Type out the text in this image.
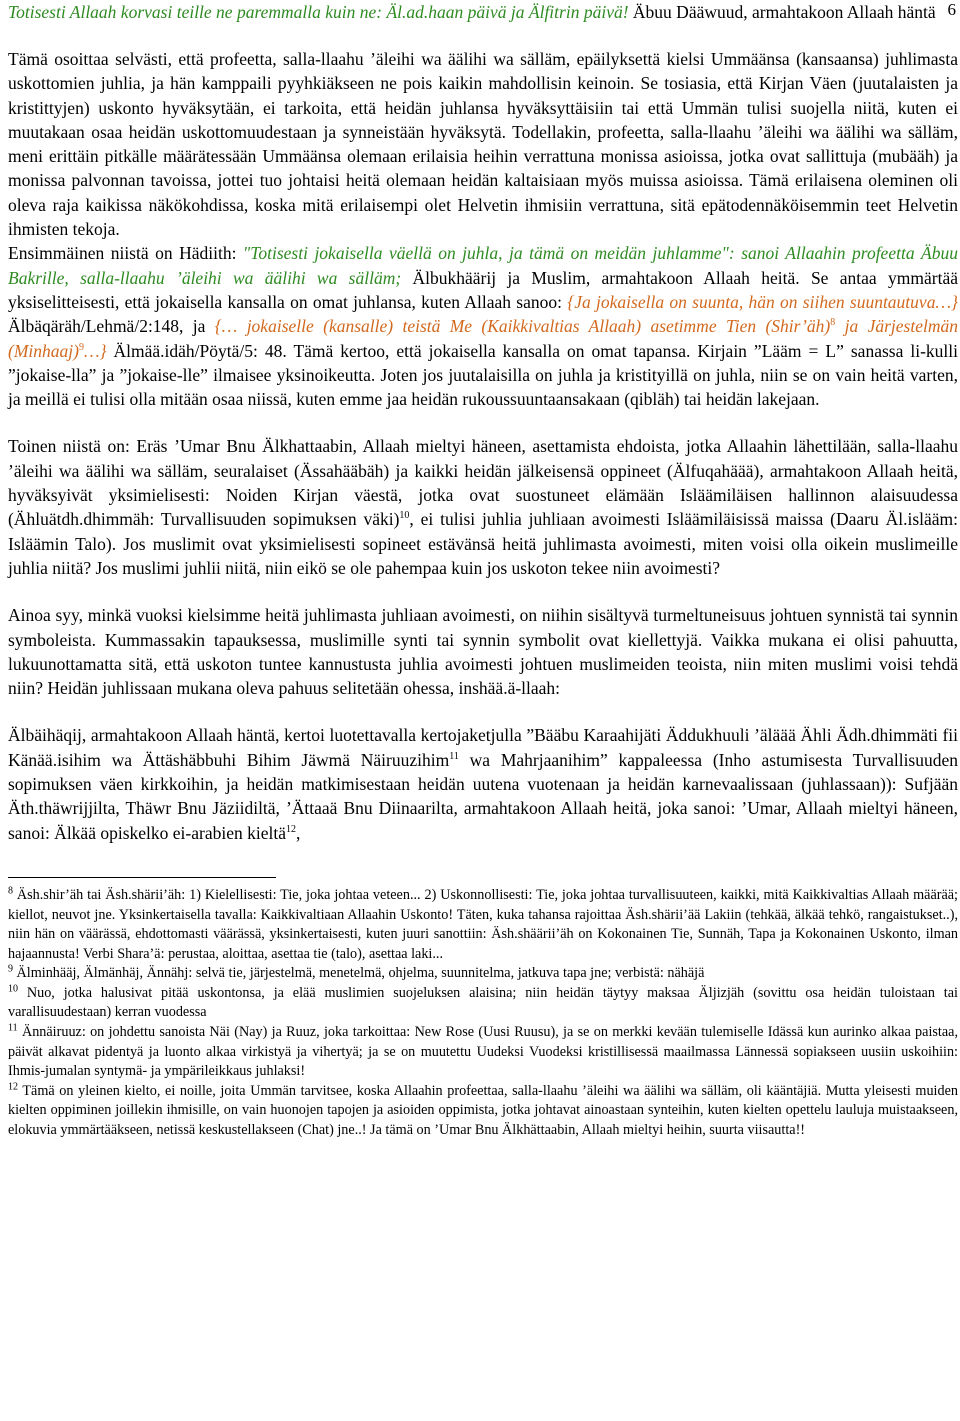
6

Totisesti Allaah korvasi teille ne paremmalla kuin ne: Äl.ad.haan päivä ja Älfitrin päivä! Äbuu Dääwuud, armahtakoon Allaah häntä

Tämä osoittaa selvästi, että profeetta, salla-llaahu ’äleihi wa äälihi wa sälläm, epäilyksettä kielsi Ummäänsa (kansaansa) juhlimasta uskottomien juhlia, ja hän kamppaili pyyhkiäkseen ne pois kaikin mahdollisin keinoin. Se tosiasia, että Kirjan Väen (juutalaisten ja kristittyjen) uskonto hyväksytään, ei tarkoita, että heidän juhlansa hyväksyttäisiin tai että Ummän tulisi suojella niitä, kuten ei muutakaan osaa heidän uskottomuudestaan ja synneistään hyväksytä. Todellakin, profeetta, salla-llaahu ’äleihi wa äälihi wa sälläm, meni erittäin pitkälle määrätessään Ummäänsa olemaan erilaisia heihin verrattuna monissa asioissa, jotka ovat sallittuja (mubääh) ja monissa palvonnan tavoissa, jottei tuo johtaisi heitä olemaan heidän kaltaisiaan myös muissa asioissa. Tämä erilaisena oleminen oli oleva raja kaikissa näkökohdissa, koska mitä erilaisempi olet Helvetin ihmisiin verrattuna, sitä epätodennäköisemmin teet Helvetin ihmisten tekoja.

Ensimmäinen niistä on Hädiith: "Totisesti jokaisella väellä on juhla, ja tämä on meidän juhlamme": sanoi Allaahin profeetta Äbuu Bakrille, salla-llaahu ’äleihi wa äälihi wa sälläm; Älbukhäärij ja Muslim, armahtakoon Allaah heitä. Se antaa ymmärtää yksiselitteisesti, että jokaisella kansalla on omat juhlansa, kuten Allaah sanoo: {Ja jokaisella on suunta, hän on siihen suuntautuva…} Älbäqäräh/Lehmä/2:148, ja {… jokaiselle (kansalle) teistä Me (Kaikkivaltias Allaah) asetimme Tien (Shir’äh)$^8$ ja Järjestelmän (Minhaaj)$^9$…} Älmää.idäh/Pöytä/5: 48. Tämä kertoo, että jokaisella kansalla on omat tapansa. Kirjain ”Lääm = L” sanassa li-kulli ”jokaise-lla” ja ”jokaise-lle” ilmaisee yksinoikeutta. Joten jos juutalaisilla on juhla ja kristityillä on juhla, niin se on vain heitä varten, ja meillä ei tulisi olla mitään osaa niissä, kuten emme jaa heidän rukoussuuntaansakaan (qibläh) tai heidän lakejaan.

Toinen niistä on: Eräs ’Umar Bnu Älkhattaabin, Allaah mieltyi häneen, asettamista ehdoista, jotka Allaahin lähettilään, salla-llaahu ’äleihi wa äälihi wa sälläm, seuralaiset (Ässahääbäh) ja kaikki heidän jälkeisensä oppineet (Älfuqahäää), armahtakoon Allaah heitä, hyväksyivät yksimielisesti: Noiden Kirjan väestä, jotka ovat suostuneet elämään Isläämiläisen hallinnon alaisuudessa (Ähluätdh.dhimmäh: Turvallisuuden sopimuksen väki)$^{10}$, ei tulisi juhlia juhliaan avoimesti Isläämiläisissä maissa (Daaru Äl.islääm: Isläämin Talo). Jos muslimit ovat yksimielisesti sopineet estävänsä heitä juhlimasta avoimesti, miten voisi olla oikein muslimeille juhlia niitä? Jos muslimi juhlii niitä, niin eikö se ole pahempaa kuin jos uskoton tekee niin avoimesti?

Ainoa syy, minkä vuoksi kielsimme heitä juhlimasta juhliaan avoimesti, on niihin sisältyvä turmeltuneisuus johtuen synnistä tai synnin symboleista. Kummassakin tapauksessa, muslimille synti tai synnin symbolit ovat kiellettyjä. Vaikka mukana ei olisi pahuutta, lukuunottamatta sitä, että uskoton tuntee kannustusta juhlia avoimesti johtuen muslimeiden teoista, niin miten muslimi voisi tehdä niin? Heidän juhlissaan mukana oleva pahuus selitetään ohessa, inshää.ä-llaah:

Älbäihäqij, armahtakoon Allaah häntä, kertoi luotettavalla kertojaketjulla ”Bääbu Karaahijäti Äddukhuuli ’äläää Ähli Ädh.dhimmäti fii Känää.isihim wa Ättäshäbbuhi Bihim Jäwmä Näiruuzihim$^{11}$ wa Mahrjaanihim” kappaleessa (Inho astumisesta Turvallisuuden sopimuksen väen kirkkoihin, ja heidän matkimisestaan heidän uutena vuotenaan ja heidän karnevaalissaan (juhlassaan)): Sufjään Äth.thäwrijjilta, Thäwr Bnu Jäziidiltä, ’Ättaaä Bnu Diinaarilta, armahtakoon Allaah heitä, joka sanoi: ’Umar, Allaah mieltyi häneen, sanoi: Älkää opiskelko ei-arabien kieltä$^{12}$,

$^8$ Äsh.shir’äh tai Äsh.shärii’äh: 1) Kielellisesti: Tie, joka johtaa veteen... 2) Uskonnollisesti: Tie, joka johtaa turvallisuuteen, kaikki, mitä Kaikkivaltias Allaah määrää; kiellot, neuvot jne. Yksinkertaisella tavalla: Kaikkivaltiaan Allaahin Uskonto! Täten, kuka tahansa rajoittaa Äsh.shärii’ää Lakiin (tehkää, älkää tehkö, rangaistukset..), niin hän on väärässä, ehdottomasti väärässä, yksinkertaisesti, kuten juuri sanottiin: Äsh.shäärii’äh on Kokonainen Tie, Sunnäh, Tapa ja Kokonainen Uskonto, ilman hajaannusta! Verbi Shara’ä: perustaa, aloittaa, asettaa tie (talo), asettaa laki...

$^9$ Älminhääj, Älmänhäj, Ännähj: selvä tie, järjestelmä, menetelmä, ohjelma, suunnitelma, jatkuva tapa jne; verbistä: nähäjä

$^{10}$ Nuo, jotka halusivat pitää uskontonsa, ja elää muslimien suojeluksen alaisina; niin heidän täytyy maksaa Äljizjäh (sovittu osa heidän tuloistaan tai varallisuudestaan) kerran vuodessa

$^{11}$ Ännäiruuz: on johdettu sanoista Näi (Nay) ja Ruuz, joka tarkoittaa: New Rose (Uusi Ruusu), ja se on merkki kevään tulemiselle Idässä kun aurinko alkaa paistaa, päivät alkavat pidentyä ja luonto alkaa virkistyä ja vihertyä; ja se on muutettu Uudeksi Vuodeksi kristillisessä maailmassa Lännessä sopiakseen uusiin uskoihiin: Ihmis-jumalan syntymä- ja ympärileikkaus juhlaksi!

$^{12}$ Tämä on yleinen kielto, ei noille, joita Ummän tarvitsee, koska Allaahin profeettaa, salla-llaahu ’äleihi wa äälihi wa sälläm, oli kääntäjiä. Mutta yleisesti muiden kielten oppiminen joillekin ihmisille, on vain huonojen tapojen ja asioiden oppimista, jotka johtavat ainoastaan synteihin, kuten kielten opettelu lauluja muistaakseen, elokuvia ymmärtääkseen, netissä keskustellakseen (Chat) jne..! Ja tämä on ’Umar Bnu Älkhättaabin, Allaah mieltyi heihin, suurta viisautta!!
